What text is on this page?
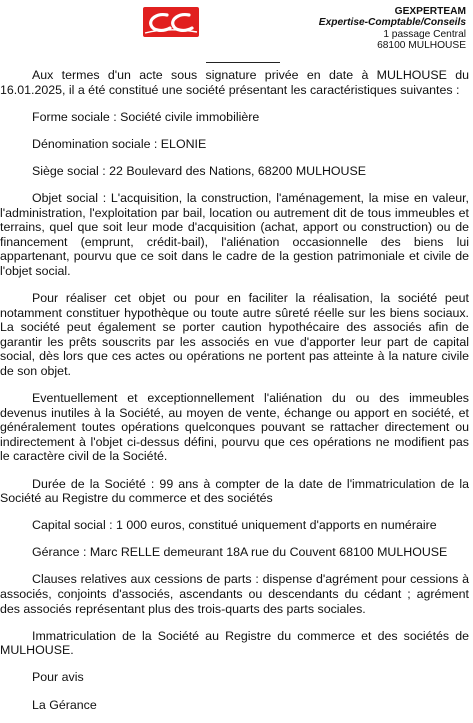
GEXPERTEAM
Expertise-Comptable/Conseils
1 passage Central
68100 MULHOUSE

Aux termes d'un acte sous signature privée en date à MULHOUSE du 16.01.2025, il a été constitué une société présentant les caractéristiques suivantes :

Forme sociale : Société civile immobilière

Dénomination sociale : ELONIE

Siège social : 22 Boulevard des Nations, 68200 MULHOUSE

Objet social : L'acquisition, la construction, l'aménagement, la mise en valeur, l'administration, l'exploitation par bail, location ou autrement dit de tous immeubles et terrains, quel que soit leur mode d'acquisition (achat, apport ou construction) ou de financement (emprunt, crédit-bail), l'aliénation occasionnelle des biens lui appartenant, pourvu que ce soit dans le cadre de la gestion patrimoniale et civile de l'objet social.

Pour réaliser cet objet ou pour en faciliter la réalisation, la société peut notamment constituer hypothèque ou toute autre sûreté réelle sur les biens sociaux. La société peut également se porter caution hypothécaire des associés afin de garantir les prêts souscrits par les associés en vue d'apporter leur part de capital social, dès lors que ces actes ou opérations ne portent pas atteinte à la nature civile de son objet.

Eventuellement et exceptionnellement l'aliénation du ou des immeubles devenus inutiles à la Société, au moyen de vente, échange ou apport en société, et généralement toutes opérations quelconques pouvant se rattacher directement ou indirectement à l'objet ci-dessus défini, pourvu que ces opérations ne modifient pas le caractère civil de la Société.

Durée de la Société : 99 ans à compter de la date de l'immatriculation de la Société au Registre du commerce et des sociétés

Capital social : 1 000 euros, constitué uniquement d'apports en numéraire

Gérance : Marc RELLE demeurant 18A rue du Couvent 68100 MULHOUSE

Clauses relatives aux cessions de parts : dispense d'agrément pour cessions à associés, conjoints d'associés, ascendants ou descendants du cédant ; agrément des associés représentant plus des trois-quarts des parts sociales.

Immatriculation de la Société au Registre du commerce et des sociétés de MULHOUSE.

Pour avis

La Gérance
